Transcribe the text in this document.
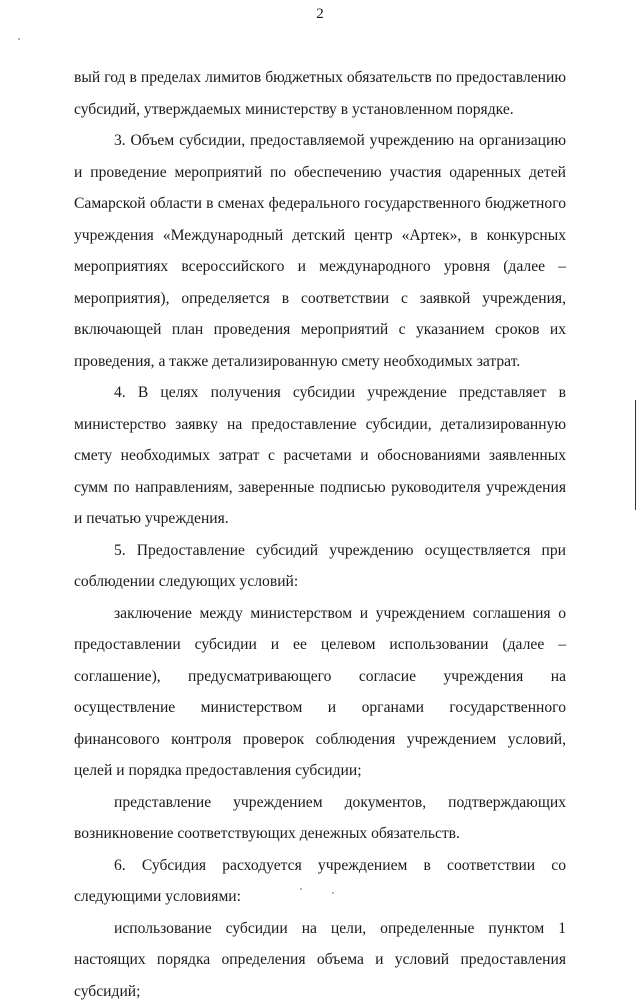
2

вый год в пределах лимитов бюджетных обязательств по предоставлению субсидий, утверждаемых министерству в установленном порядке.

3. Объем субсидии, предоставляемой учреждению на организацию и проведение мероприятий по обеспечению участия одаренных детей Самарской области в сменах федерального государственного бюджетного учреждения «Международный детский центр «Артек», в конкурсных мероприятиях всероссийского и международного уровня (далее – мероприятия), определяется в соответствии с заявкой учреждения, включающей план проведения мероприятий с указанием сроков их проведения, а также детализированную смету необходимых затрат.

4. В целях получения субсидии учреждение представляет в министерство заявку на предоставление субсидии, детализированную смету необходимых затрат с расчетами и обоснованиями заявленных сумм по направлениям, заверенные подписью руководителя учреждения и печатью учреждения.

5. Предоставление субсидий учреждению осуществляется при соблюдении следующих условий:

заключение между министерством и учреждением соглашения о предоставлении субсидии и ее целевом использовании (далее – соглашение), предусматривающего согласие учреждения на осуществление министерством и органами государственного финансового контроля проверок соблюдения учреждением условий, целей и порядка предоставления субсидии;

представление учреждением документов, подтверждающих возникновение соответствующих денежных обязательств.

6. Субсидия расходуется учреждением в соответствии со следующими условиями:

использование субсидии на цели, определенные пунктом 1 настоящих порядка определения объема и условий предоставления субсидий;
